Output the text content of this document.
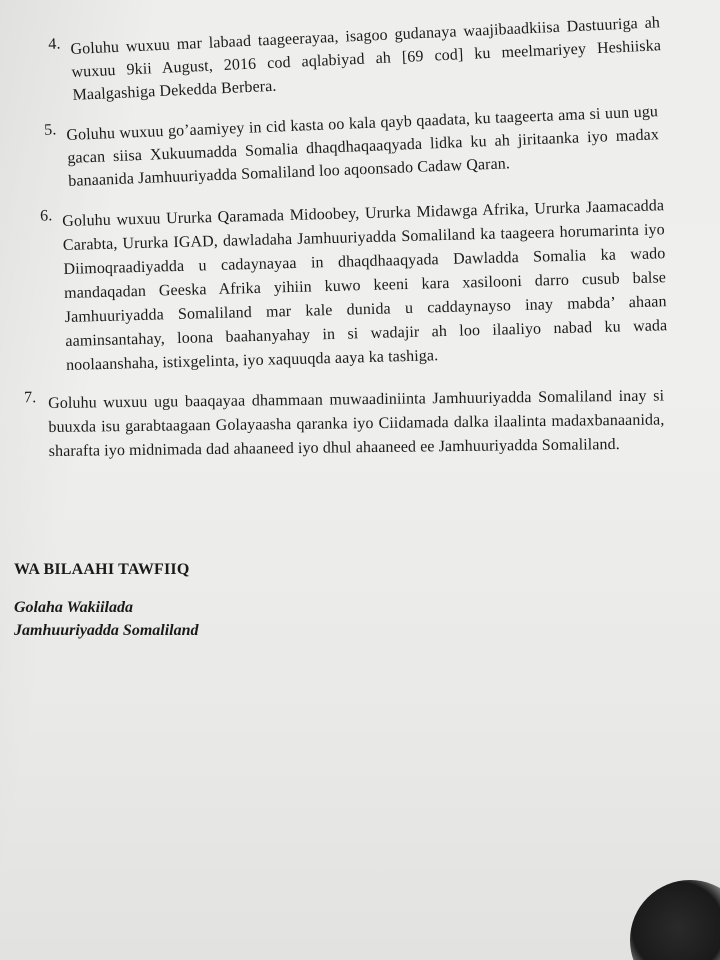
4. Goluhu wuxuu mar labaad taageerayaa, isagoo gudanaya waajibaadkiisa Dastuuriga ah wuxuu 9kii August, 2016 cod aqlabiyad ah [69 cod] ku meelmariyey Heshiiska Maalgashiga Dekedda Berbera.
5. Goluhu wuxuu go’aamiyey in cid kasta oo kala qayb qaadata, ku taageerta ama si uun ugu gacan siisa Xukuumadda Somalia dhaqdhaqaaqyada lidka ku ah jiritaanka iyo madax banaanida Jamhuuriyadda Somaliland loo aqoonsado Cadaw Qaran.
6. Goluhu wuxuu Ururka Qaramada Midoobey, Ururka Midawga Afrika, Ururka Jaamacadda Carabta, Ururka IGAD, dawladaha Jamhuuriyadda Somaliland ka taageera horumarinta iyo Diimoqraadiyadda u cadaynayaa in dhaqdhaaqyada Dawladda Somalia ka wado mandaqadan Geeska Afrika yihiin kuwo keeni kara xasilooni darro cusub balse Jamhuuriyadda Somaliland mar kale dunida u caddaynayso inay mabda’ ahaan aaminsantahay, loona baahanyahay in si wadajir ah loo ilaaliyo nabad ku wada noolaanshaha, istixgelinta, iyo xaquuqda aaya ka tashiga.
7. Goluhu wuxuu ugu baaqayaa dhammaan muwaadiniinta Jamhuuriyadda Somaliland inay si buuxda isu garabtaagaan Golayaasha qaranka iyo Ciidamada dalka ilaalinta madaxbanaanida, sharafta iyo midnimada dad ahaaneed iyo dhul ahaaneed ee Jamhuuriyadda Somaliland.
WA BILAAHI TAWFIIQ
Golaha Wakiilada
Jamhuuriyadda Somaliland
